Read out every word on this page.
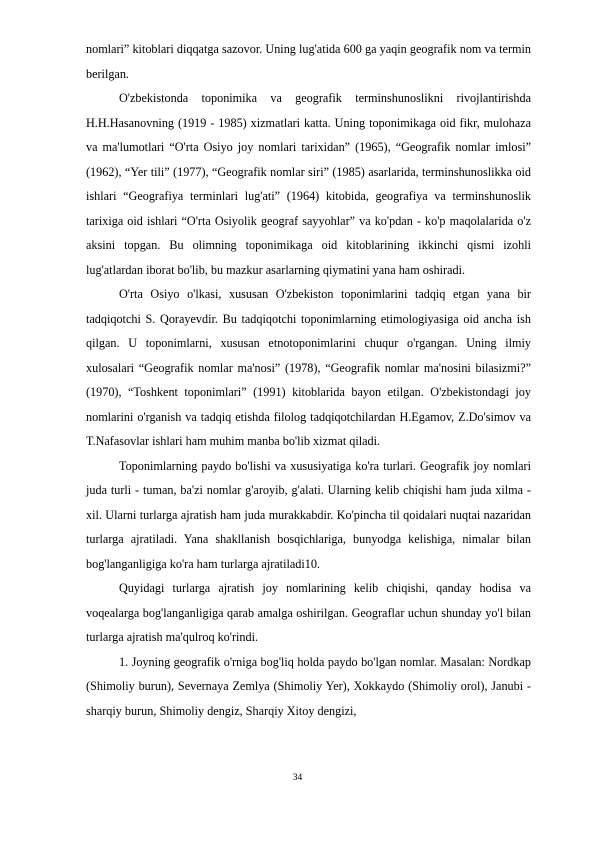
nomlari” kitoblari diqqatga sazovor. Uning lug'atida 600 ga yaqin geografik nom va termin berilgan.

O'zbekistonda toponimika va geografik terminshunoslikni rivojlantirishda H.H.Hasanovning (1919 - 1985) xizmatlari katta. Uning toponimikaga oid fikr, mulohaza va ma'lumotlari “O'rta Osiyo joy nomlari tarixidan” (1965), “Geografik nomlar imlosi” (1962), “Yer tili” (1977), “Geografik nomlar siri” (1985) asarlarida, terminshunoslikka oid ishlari “Geografiya terminlari lug'ati” (1964) kitobida, geografiya va terminshunoslik tarixiga oid ishlari “O'rta Osiyolik geograf sayyohlar” va ko'pdan - ko'p maqolalarida o'z aksini topgan. Bu olimning toponimikaga oid kitoblarining ikkinchi qismi izohli lug'atlardan iborat bo'lib, bu mazkur asarlarning qiymatini yana ham oshiradi.

O'rta Osiyo o'lkasi, xususan O'zbekiston toponimlarini tadqiq etgan yana bir tadqiqotchi S. Qorayevdir. Bu tadqiqotchi toponimlarning etimologiyasiga oid ancha ish qilgan. U toponimlarni, xususan etnotoponimlarini chuqur o'rgangan. Uning ilmiy xulosalari “Geografik nomlar ma'nosi” (1978), “Geografik nomlar ma'nosini bilasizmi?” (1970), “Toshkent toponimlari” (1991) kitoblarida bayon etilgan. O'zbekistondagi joy nomlarini o'rganish va tadqiq etishda filolog tadqiqotchilardan H.Egamov, Z.Do'simov va T.Nafasovlar ishlari ham muhim manba bo'lib xizmat qiladi.

Toponimlarning paydo bo'lishi va xususiyatiga ko'ra turlari. Geografik joy nomlari juda turli - tuman, ba'zi nomlar g'aroyib, g'alati. Ularning kelib chiqishi ham juda xilma - xil. Ularni turlarga ajratish ham juda murakkabdir. Ko'pincha til qoidalari nuqtai nazaridan turlarga ajratiladi. Yana shakllanish bosqichlariga, bunyodga kelishiga, nimalar bilan bog'langanligiga ko'ra ham turlarga ajratiladi10.

Quyidagi turlarga ajratish joy nomlarining kelib chiqishi, qanday hodisa va voqealarga bog'langanligiga qarab amalga oshirilgan. Geograflar uchun shunday yo'l bilan turlarga ajratish ma'qulroq ko'rindi.

1. Joyning geografik o'rniga bog'liq holda paydo bo'lgan nomlar. Masalan: Nordkap (Shimoliy burun), Severnaya Zemlya (Shimoliy Yer), Xokkaydo (Shimoliy orol), Janubi - sharqiy burun, Shimoliy dengiz, Sharqiy Xitoy dengizi,

34
